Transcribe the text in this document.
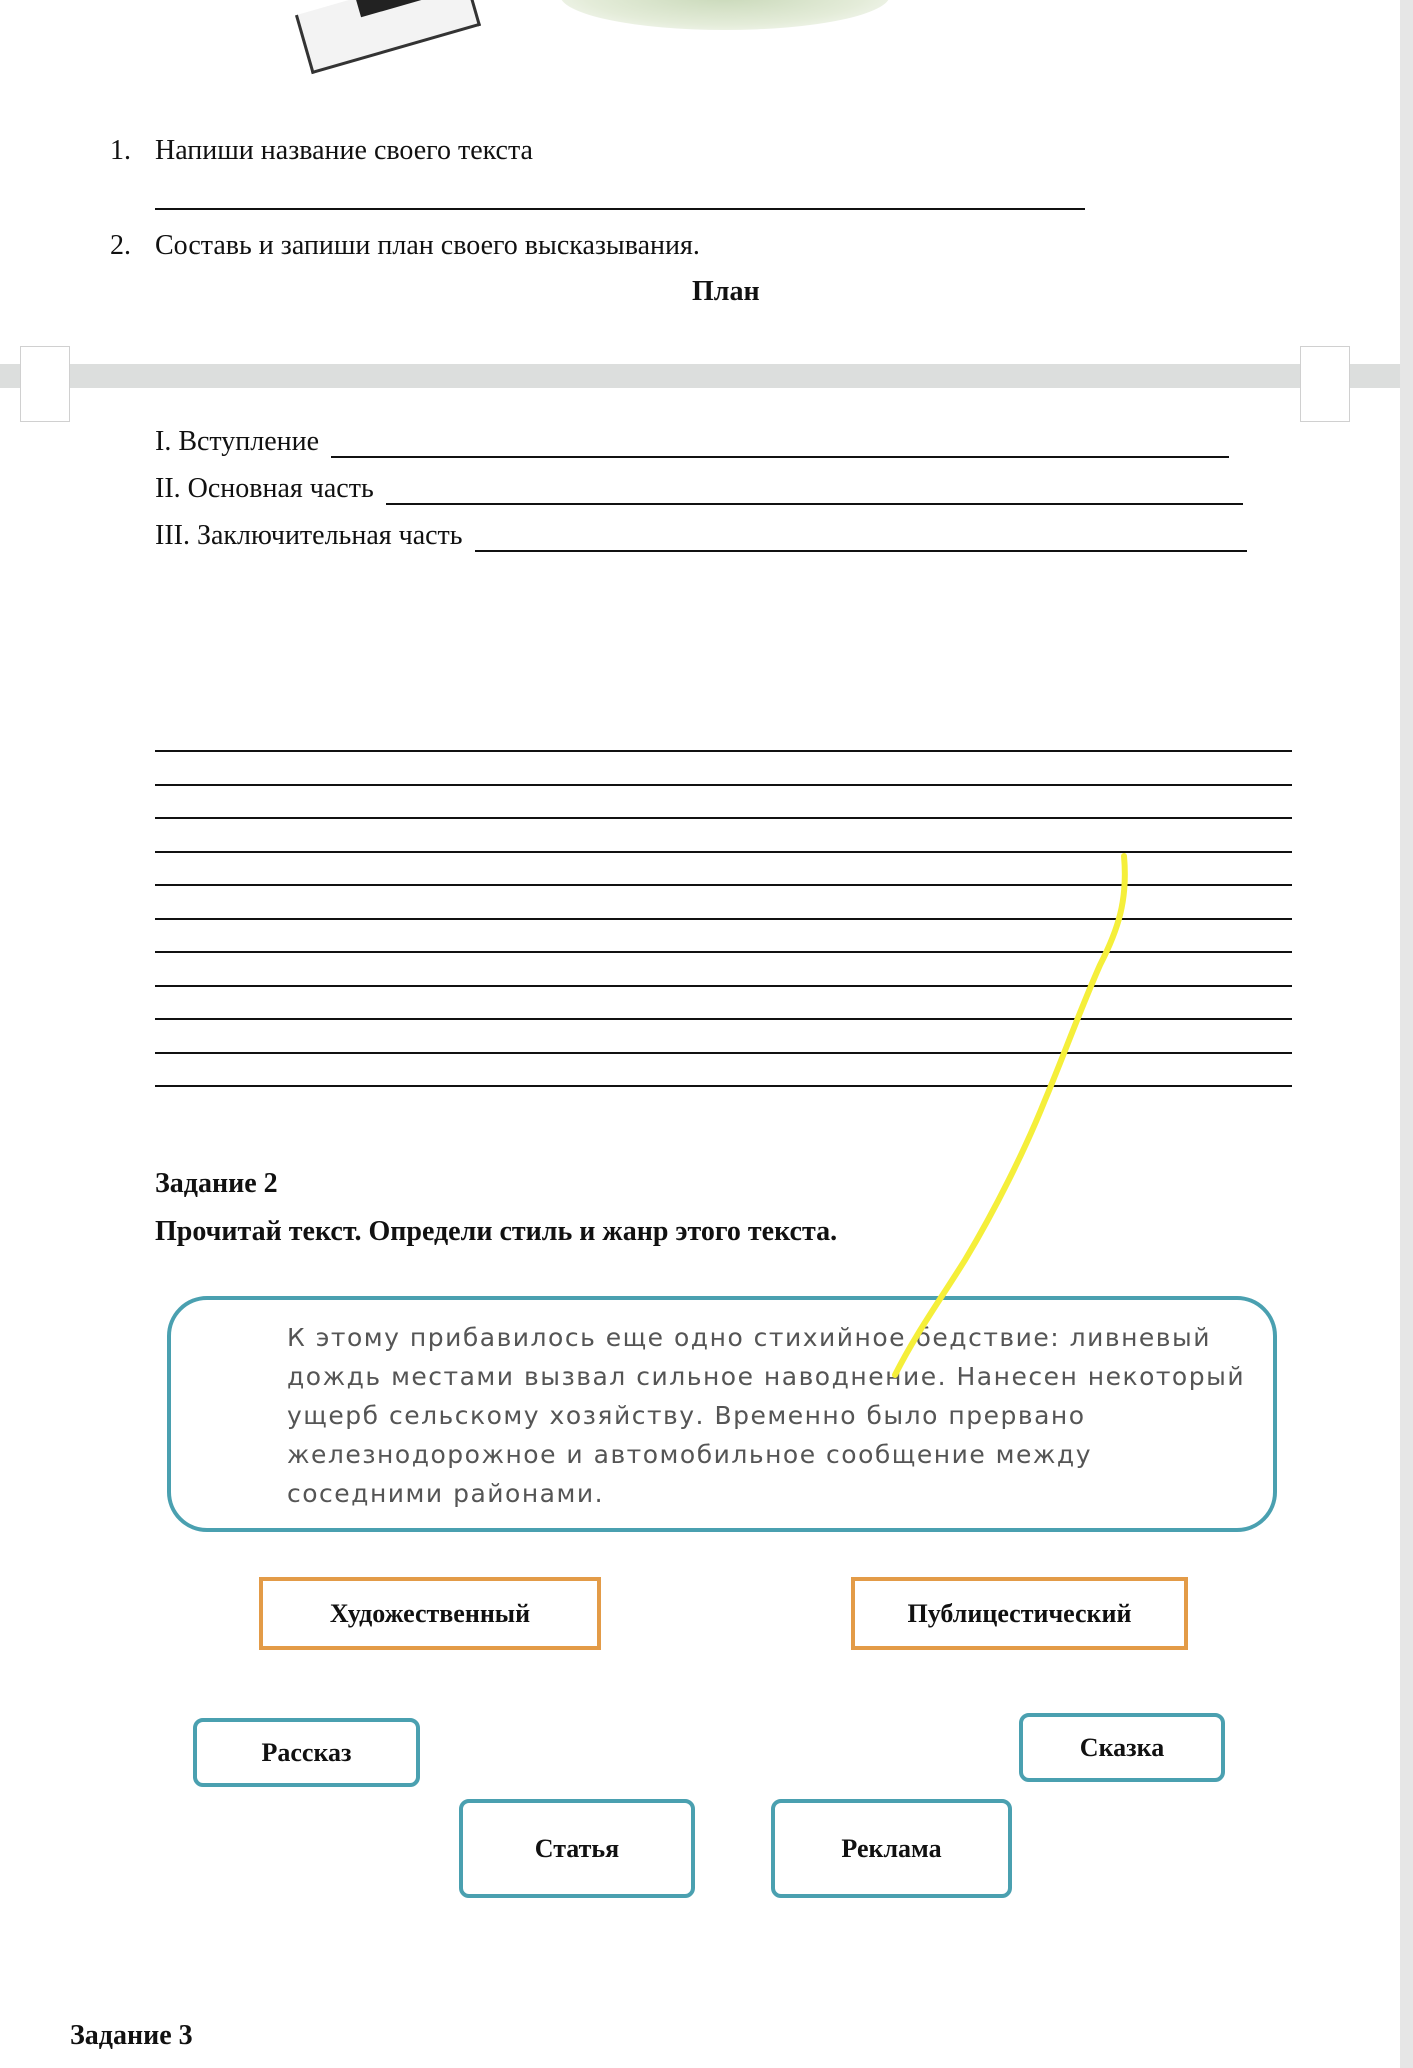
1. Напиши название своего текста
2. Составь и запиши план своего высказывания.
План
I. Вступление
II. Основная часть
III. Заключительная часть
Задание 2
Прочитай текст. Определи стиль и жанр этого текста.
К этому прибавилось еще одно стихийное бедствие: ливневый дождь местами вызвал сильное наводнение. Нанесен некоторый ущерб сельскому хозяйству. Временно было прервано железнодорожное и автомобильное сообщение между соседними районами.
Художественный	Публицестический
Рассказ	Сказка
Статья	Реклама
Задание 3
